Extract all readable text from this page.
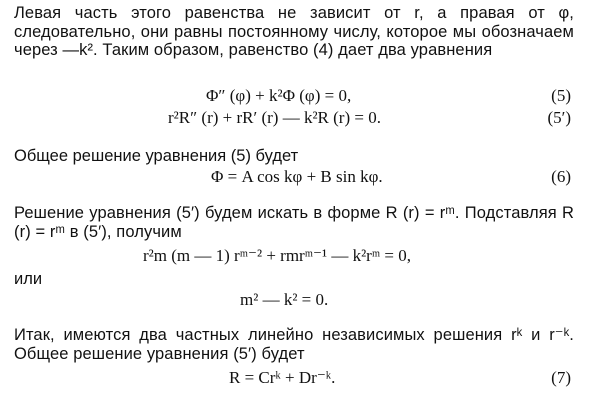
Левая часть этого равенства не зависит от r, а правая от φ, следовательно, они равны постоянному числу, которое мы обозначаем через —k². Таким образом, равенство (4) дает два уравнения
Φ″ (φ) + k²Φ (φ) = 0,	(5)
r²R″ (r) + rR′ (r) — k²R (r) = 0.	(5′)
Общее решение уравнения (5) будет
Φ = A cos kφ + B sin kφ.	(6)
Решение уравнения (5′) будем искать в форме R (r) = rᵐ. Подставляя R (r) = rᵐ в (5′), получим
r²m (m — 1) rᵐ⁻² + rmrᵐ⁻¹ — k²rᵐ = 0,
или
m² — k² = 0.
Итак, имеются два частных линейно независимых решения rᵏ и r⁻ᵏ. Общее решение уравнения (5′) будет
R = Crᵏ + Dr⁻ᵏ.	(7)
